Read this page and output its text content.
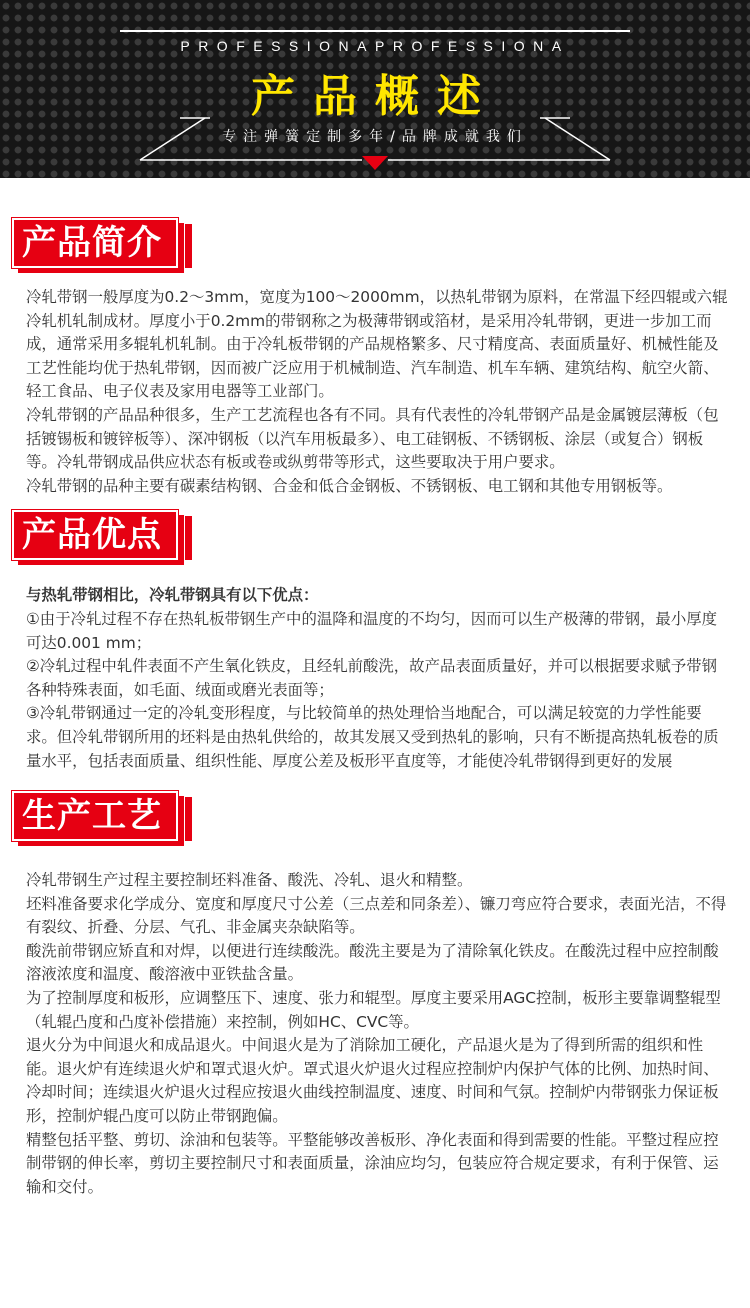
PROFESSIONAPROFESSIONA
产品概述
专注弹簧定制多年/品牌成就我们
产品简介

冷轧带钢一般厚度为0.2～3mm，宽度为100～2000mm，以热轧带钢为原料，在常温下经四辊或六辊冷轧机轧制成材。厚度小于0.2mm的带钢称之为极薄带钢或箔材，是采用冷轧带钢，更进一步加工而成，通常采用多辊轧机轧制。由于冷轧板带钢的产品规格繁多、尺寸精度高、表面质量好、机械性能及工艺性能均优于热轧带钢，因而被广泛应用于机械制造、汽车制造、机车车辆、建筑结构、航空火箭、轻工食品、电子仪表及家用电器等工业部门。

冷轧带钢的产品品种很多，生产工艺流程也各有不同。具有代表性的冷轧带钢产品是金属镀层薄板（包括镀锡板和镀锌板等）、深冲钢板（以汽车用板最多）、电工硅钢板、不锈钢板、涂层（或复合）钢板等。冷轧带钢成品供应状态有板或卷或纵剪带等形式，这些要取决于用户要求。

冷轧带钢的品种主要有碳素结构钢、合金和低合金钢板、不锈钢板、电工钢和其他专用钢板等。

产品优点

与热轧带钢相比，冷轧带钢具有以下优点：

①由于冷轧过程不存在热轧板带钢生产中的温降和温度的不均匀，因而可以生产极薄的带钢，最小厚度可达0.001 mm；

②冷轧过程中轧件表面不产生氧化铁皮，且经轧前酸洗，故产品表面质量好，并可以根据要求赋予带钢各种特殊表面，如毛面、绒面或磨光表面等；

③冷轧带钢通过一定的冷轧变形程度，与比较简单的热处理恰当地配合，可以满足较宽的力学性能要求。但冷轧带钢所用的坯料是由热轧供给的，故其发展又受到热轧的影响，只有不断提高热轧板卷的质量水平，包括表面质量、组织性能、厚度公差及板形平直度等，才能使冷轧带钢得到更好的发展

生产工艺

冷轧带钢生产过程主要控制坯料准备、酸洗、冷轧、退火和精整。

坯料准备要求化学成分、宽度和厚度尺寸公差（三点差和同条差）、镰刀弯应符合要求，表面光洁，不得有裂纹、折叠、分层、气孔、非金属夹杂缺陷等。

酸洗前带钢应矫直和对焊，以便进行连续酸洗。酸洗主要是为了清除氧化铁皮。在酸洗过程中应控制酸溶液浓度和温度、酸溶液中亚铁盐含量。

为了控制厚度和板形，应调整压下、速度、张力和辊型。厚度主要采用AGC控制，板形主要靠调整辊型（轧辊凸度和凸度补偿措施）来控制，例如HC、CVC等。

退火分为中间退火和成品退火。中间退火是为了消除加工硬化，产品退火是为了得到所需的组织和性能。退火炉有连续退火炉和罩式退火炉。罩式退火炉退火过程应控制炉内保护气体的比例、加热时间、冷却时间；连续退火炉退火过程应按退火曲线控制温度、速度、时间和气氛。控制炉内带钢张力保证板形，控制炉辊凸度可以防止带钢跑偏。

精整包括平整、剪切、涂油和包装等。平整能够改善板形、净化表面和得到需要的性能。平整过程应控制带钢的伸长率，剪切主要控制尺寸和表面质量，涂油应均匀，包装应符合规定要求，有利于保管、运输和交付。
